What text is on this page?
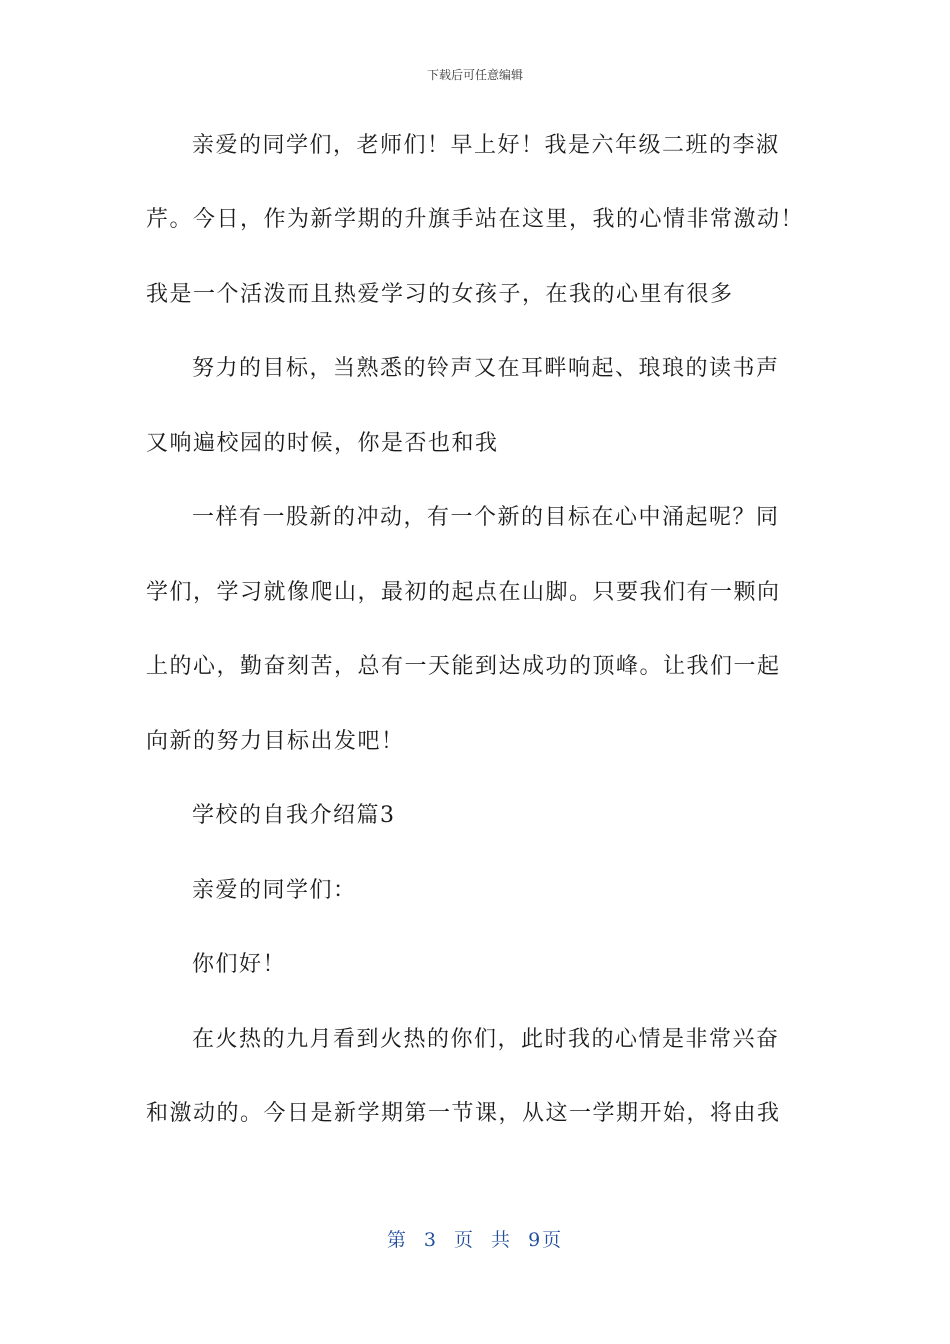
下载后可任意编辑
亲爱的同学们，老师们！早上好！我是六年级二班的李淑
芹。今日，作为新学期的升旗手站在这里，我的心情非常激动！
我是一个活泼而且热爱学习的女孩子，在我的心里有很多
努力的目标，当熟悉的铃声又在耳畔响起、琅琅的读书声
又响遍校园的时候，你是否也和我
一样有一股新的冲动，有一个新的目标在心中涌起呢？同
学们，学习就像爬山，最初的起点在山脚。只要我们有一颗向
上的心，勤奋刻苦，总有一天能到达成功的顶峰。让我们一起
向新的努力目标出发吧！
学校的自我介绍篇3
亲爱的同学们：
你们好！
在火热的九月看到火热的你们，此时我的心情是非常兴奋
和激动的。今日是新学期第一节课，从这一学期开始，将由我
第 3 页 共 9页
